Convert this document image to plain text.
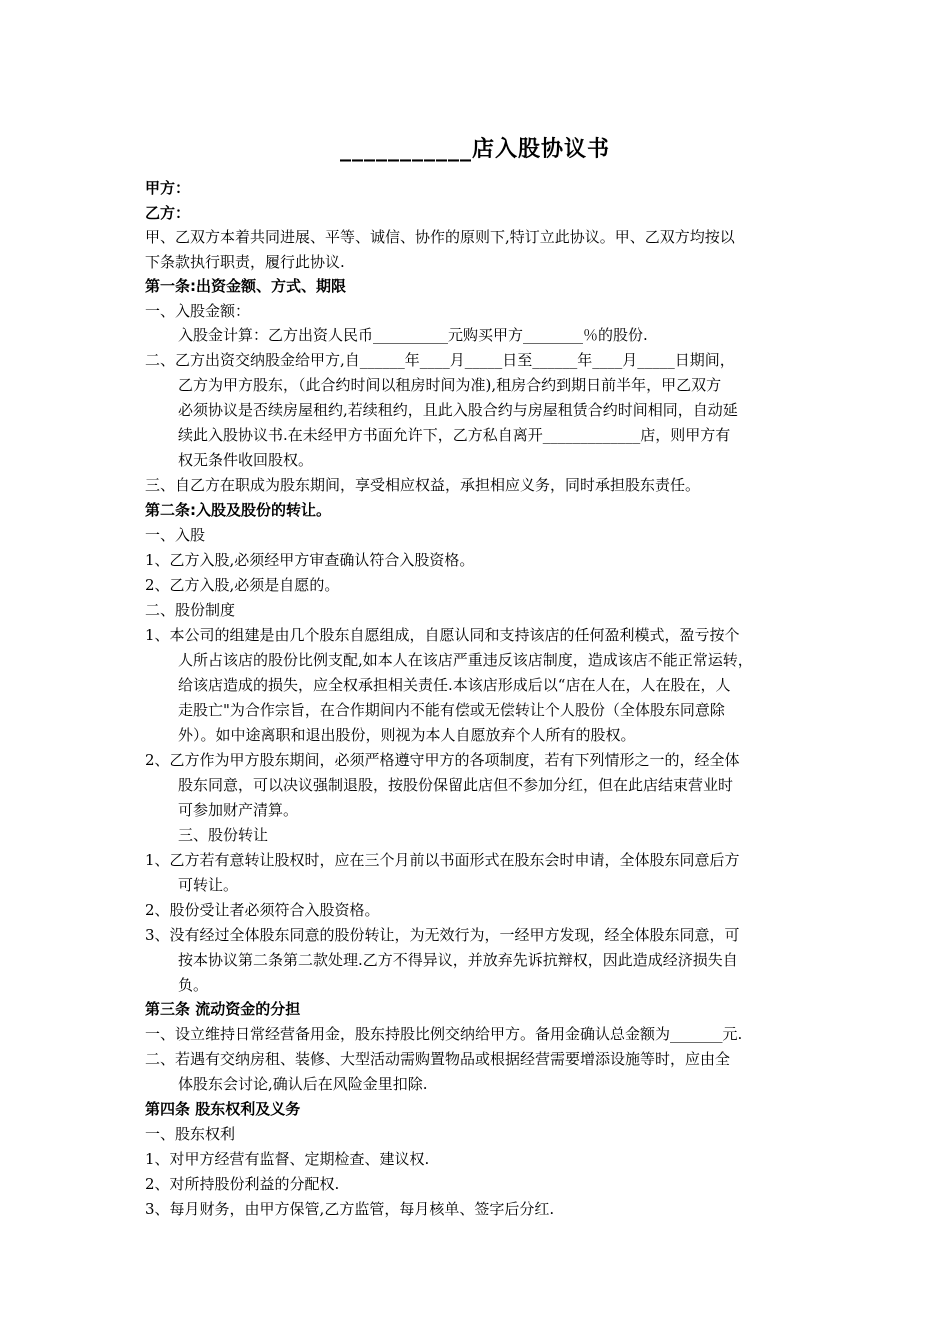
___________店入股协议书
甲方：
乙方：
甲、乙双方本着共同进展、平等、诚信、协作的原则下,特订立此协议。甲、乙双方均按以
下条款执行职责，履行此协议.
第一条:出资金额、方式、期限
一、入股金额：
入股金计算：乙方出资人民币__________元购买甲方________％的股份.
二、乙方出资交纳股金给甲方,自______年____月_____日至______年____月_____日期间，
乙方为甲方股东，（此合约时间以租房时间为准),租房合约到期日前半年，甲乙双方
必须协议是否续房屋租约,若续租约，且此入股合约与房屋租赁合约时间相同，自动延
续此入股协议书.在未经甲方书面允许下，乙方私自离开_____________店，则甲方有
权无条件收回股权。
三、自乙方在职成为股东期间，享受相应权益，承担相应义务，同时承担股东责任。
第二条:入股及股份的转让。
一、入股
1、乙方入股,必须经甲方审查确认符合入股资格。
2、乙方入股,必须是自愿的。
二、股份制度
1、本公司的组建是由几个股东自愿组成，自愿认同和支持该店的任何盈利模式，盈亏按个
人所占该店的股份比例支配,如本人在该店严重违反该店制度，造成该店不能正常运转，
给该店造成的损失，应全权承担相关责任.本该店形成后以“店在人在，人在股在，人
走股亡"为合作宗旨，在合作期间内不能有偿或无偿转让个人股份（全体股东同意除
外）。如中途离职和退出股份，则视为本人自愿放弃个人所有的股权。
2、乙方作为甲方股东期间，必须严格遵守甲方的各项制度，若有下列情形之一的，经全体
股东同意，可以决议强制退股，按股份保留此店但不参加分红，但在此店结束营业时
可参加财产清算。
三、股份转让
1、乙方若有意转让股权时，应在三个月前以书面形式在股东会时申请，全体股东同意后方
可转让。
2、股份受让者必须符合入股资格。
3、没有经过全体股东同意的股份转让，为无效行为，一经甲方发现，经全体股东同意，可
按本协议第二条第二款处理.乙方不得异议，并放弃先诉抗辩权，因此造成经济损失自
负。
第三条 流动资金的分担
一、设立维持日常经营备用金，股东持股比例交纳给甲方。备用金确认总金额为_______元.
二、若遇有交纳房租、装修、大型活动需购置物品或根据经营需要增添设施等时，应由全
体股东会讨论,确认后在风险金里扣除.
第四条 股东权利及义务
一、股东权利
1、对甲方经营有监督、定期检查、建议权.
2、对所持股份利益的分配权.
3、每月财务，由甲方保管,乙方监管，每月核单、签字后分红.
